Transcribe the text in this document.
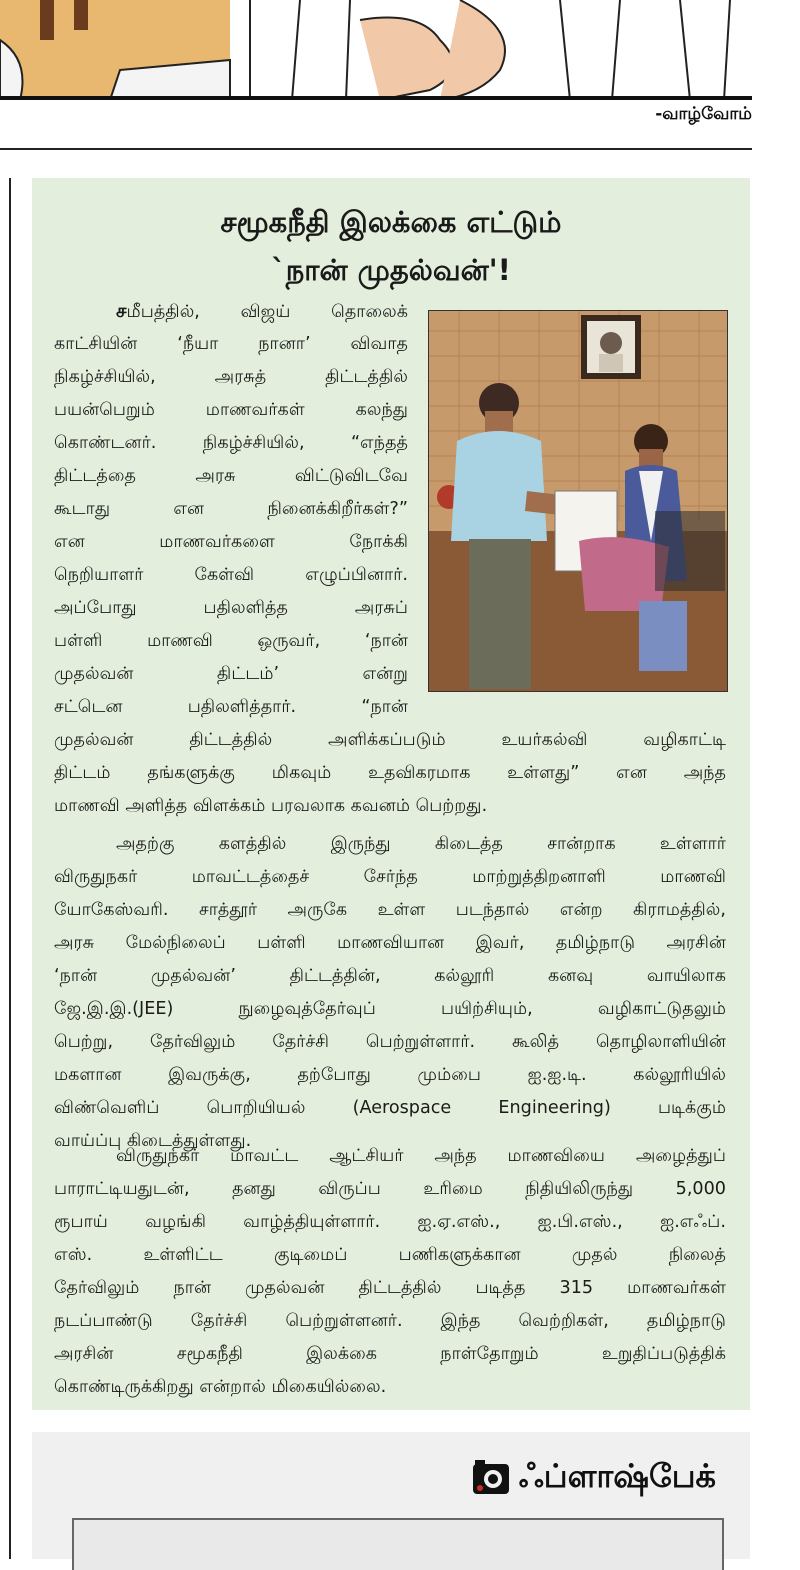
-வாழ்வோம்
சமூகநீதி இலக்கை எட்டும்
`நான் முதல்வன்'!
சமீபத்தில், விஜய் தொலைக்
காட்சியின் ‘நீயா நானா’ விவாத
நிகழ்ச்சியில், அரசுத் திட்டத்தில்
பயன்பெறும் மாணவர்கள் கலந்து
கொண்டனர். நிகழ்ச்சியில், “எந்தத்
திட்டத்தை அரசு விட்டுவிடவே
கூடாது என நினைக்கிறீர்கள்?”
என மாணவர்களை நோக்கி
நெறியாளர் கேள்வி எழுப்பினார்.
அப்போது பதிலளித்த அரசுப்
பள்ளி மாணவி ஒருவர், ‘நான்
முதல்வன் திட்டம்’ என்று
சட்டென பதிலளித்தார். “நான்
முதல்வன் திட்டத்தில் அளிக்கப்படும் உயர்கல்வி வழிகாட்டி
திட்டம் தங்களுக்கு மிகவும் உதவிகரமாக உள்ளது” என அந்த
மாணவி அளித்த விளக்கம் பரவலாக கவனம் பெற்றது.
அதற்கு களத்தில் இருந்து கிடைத்த சான்றாக உள்ளார்
விருதுநகர் மாவட்டத்தைச் சேர்ந்த மாற்றுத்திறனாளி மாணவி
யோகேஸ்வரி. சாத்தூர் அருகே உள்ள படந்தால் என்ற கிராமத்தில்,
அரசு மேல்நிலைப் பள்ளி மாணவியான இவர், தமிழ்நாடு அரசின்
‘நான் முதல்வன்’ திட்டத்தின், கல்லூரி கனவு வாயிலாக
ஜே.இ.இ.(JEE) நுழைவுத்தேர்வுப் பயிற்சியும், வழிகாட்டுதலும்
பெற்று, தேர்விலும் தேர்ச்சி பெற்றுள்ளார். கூலித் தொழிலாளியின்
மகளான இவருக்கு, தற்போது மும்பை ஐ.ஐ.டி. கல்லூரியில்
விண்வெளிப் பொறியியல் (Aerospace Engineering) படிக்கும்
வாய்ப்பு கிடைத்துள்ளது.
விருதுநகர் மாவட்ட ஆட்சியர் அந்த மாணவியை அழைத்துப்
பாராட்டியதுடன், தனது விருப்ப உரிமை நிதியிலிருந்து 5,000
ரூபாய் வழங்கி வாழ்த்தியுள்ளார். ஐ.ஏ.எஸ்., ஐ.பி.எஸ்., ஐ.எஃப்.
எஸ். உள்ளிட்ட குடிமைப் பணிகளுக்கான முதல் நிலைத்
தேர்விலும் நான் முதல்வன் திட்டத்தில் படித்த 315 மாணவர்கள்
நடப்பாண்டு தேர்ச்சி பெற்றுள்ளனர். இந்த வெற்றிகள், தமிழ்நாடு
அரசின் சமூகநீதி இலக்கை நாள்தோறும் உறுதிப்படுத்திக்
கொண்டிருக்கிறது என்றால் மிகையில்லை.
ஃப்ளாஷ்பேக்
